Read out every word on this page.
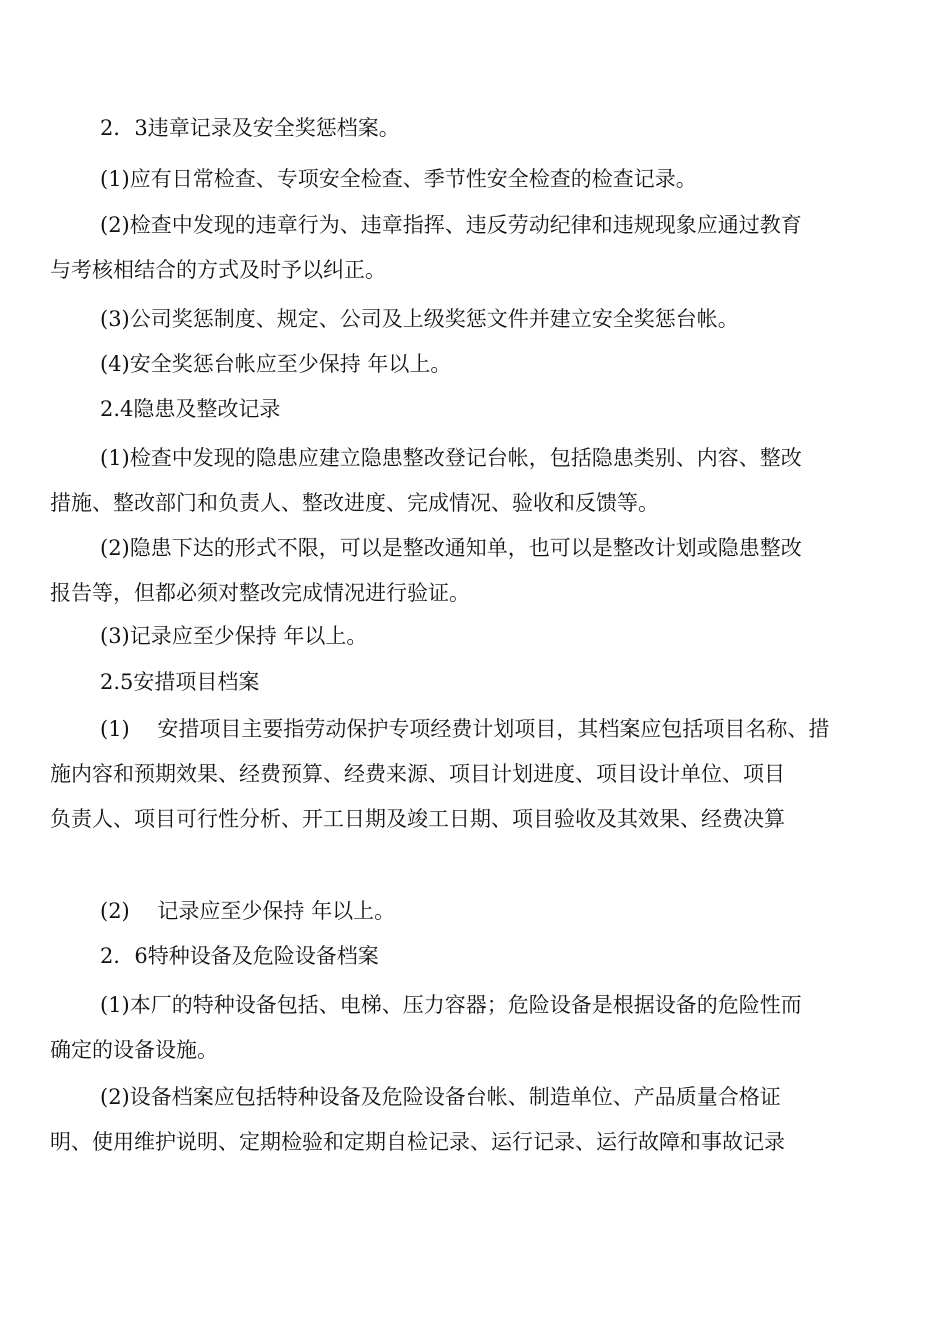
2．3违章记录及安全奖惩档案。

(1)应有日常检查、专项安全检查、季节性安全检查的检查记录。

(2)检查中发现的违章行为、违章指挥、违反劳动纪律和违规现象应通过教育
与考核相结合的方式及时予以纠正。

(3)公司奖惩制度、规定、公司及上级奖惩文件并建立安全奖惩台帐。

(4)安全奖惩台帐应至少保持 年以上。

2.4隐患及整改记录

(1)检查中发现的隐患应建立隐患整改登记台帐，包括隐患类别、内容、整改
措施、整改部门和负责人、整改进度、完成情况、验收和反馈等。

(2)隐患下达的形式不限，可以是整改通知单，也可以是整改计划或隐患整改
报告等，但都必须对整改完成情况进行验证。

(3)记录应至少保持 年以上。

2.5安措项目档案

(1)　 安措项目主要指劳动保护专项经费计划项目，其档案应包括项目名称、措
施内容和预期效果、经费预算、经费来源、项目计划进度、项目设计单位、项目
负责人、项目可行性分析、开工日期及竣工日期、项目验收及其效果、经费决算

(2)　 记录应至少保持 年以上。

2．6特种设备及危险设备档案

(1)本厂的特种设备包括、电梯、压力容器；危险设备是根据设备的危险性而
确定的设备设施。

(2)设备档案应包括特种设备及危险设备台帐、制造单位、产品质量合格证
明、使用维护说明、定期检验和定期自检记录、运行记录、运行故障和事故记录
